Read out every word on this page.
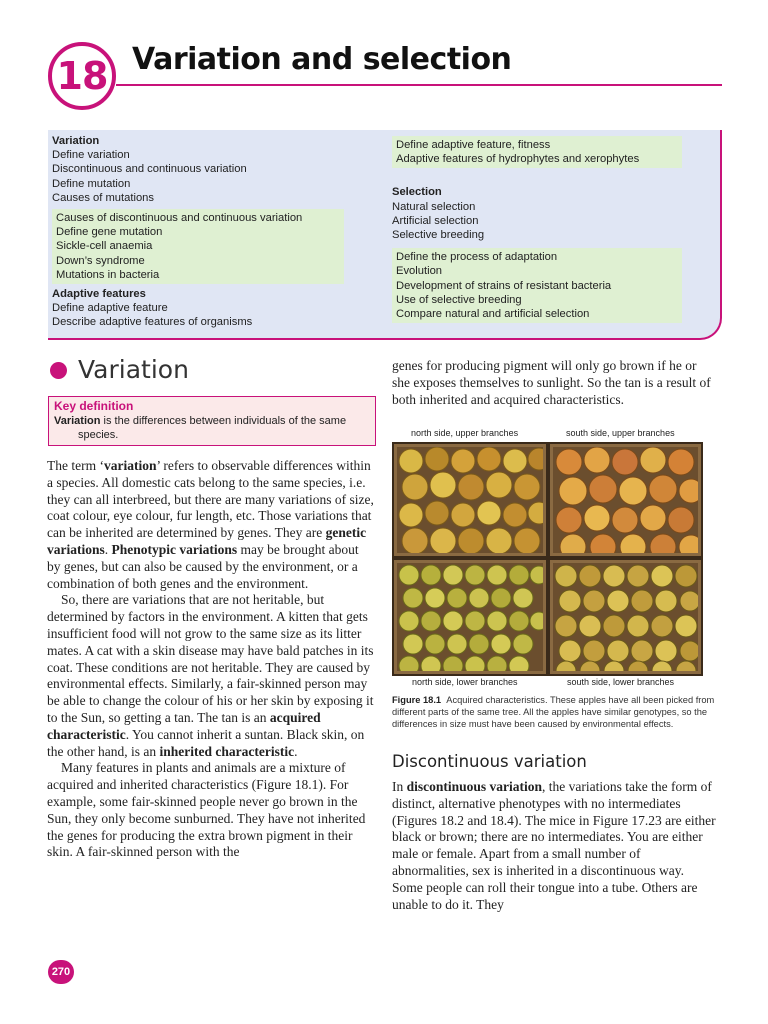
18 Variation and selection
Variation
Define variation
Discontinuous and continuous variation
Define mutation
Causes of mutations
Causes of discontinuous and continuous variation
Define gene mutation
Sickle-cell anaemia
Down’s syndrome
Mutations in bacteria
Adaptive features
Define adaptive feature
Describe adaptive features of organisms
Define adaptive feature, fitness
Adaptive features of hydrophytes and xerophytes
Selection
Natural selection
Artificial selection
Selective breeding
Define the process of adaptation
Evolution
Development of strains of resistant bacteria
Use of selective breeding
Compare natural and artificial selection
Variation
Key definition
Variation is the differences between individuals of the same
species.

The term ‘variation’ refers to observable differences within a species. All domestic cats belong to the same species, i.e. they can all interbreed, but there are many variations of size, coat colour, eye colour, fur length, etc. Those variations that can be inherited are determined by genes. They are genetic variations. Phenotypic variations may be brought about by genes, but can also be caused by the environment, or a combination of both genes and the environment.

So, there are variations that are not heritable, but determined by factors in the environment. A kitten that gets insufficient food will not grow to the same size as its litter mates. A cat with a skin disease may have bald patches in its coat. These conditions are not heritable. They are caused by environmental effects. Similarly, a fair-skinned person may be able to change the colour of his or her skin by exposing it to the Sun, so getting a tan. The tan is an acquired characteristic. You cannot inherit a suntan. Black skin, on the other hand, is an inherited characteristic.

Many features in plants and animals are a mixture of acquired and inherited characteristics (Figure 18.1). For example, some fair-skinned people never go brown in the Sun, they only become sunburned. They have not inherited the genes for producing the extra brown pigment in their skin. A fair-skinned person with the

genes for producing pigment will only go brown if he or she exposes themselves to sunlight. So the tan is a result of both inherited and acquired characteristics.
north side, upper branches	south side, upper branches
north side, lower branches	south side, lower branches
Figure 18.1 Acquired characteristics. These apples have all been picked from different parts of the same tree. All the apples have similar genotypes, so the differences in size must have been caused by environmental effects.
Discontinuous variation

In discontinuous variation, the variations take the form of distinct, alternative phenotypes with no intermediates (Figures 18.2 and 18.4). The mice in Figure 17.23 are either black or brown; there are no intermediates. You are either male or female. Apart from a small number of abnormalities, sex is inherited in a discontinuous way. Some people can roll their tongue into a tube. Others are unable to do it. They

270
